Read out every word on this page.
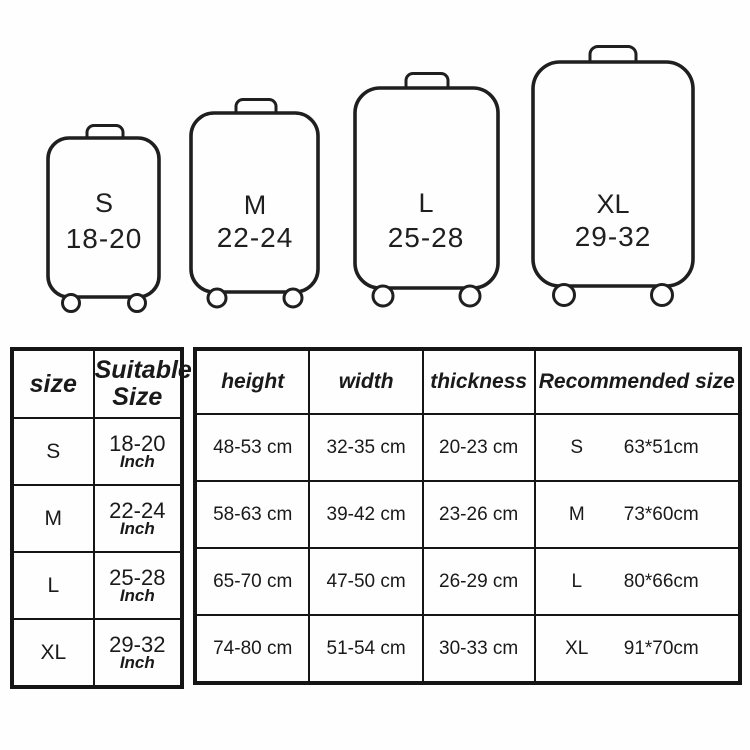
S
18-20
M
22-24
L
25-28
XL
29-32
size	Suitable Size
S	18-20
Inch

M	22-24
Inch

L	25-28
Inch

XL	29-32
Inch
height	width	thickness	Recommended size
48-53 cm	32-35 cm	20-23 cm	S 63*51cm

58-63 cm	39-42 cm	23-26 cm	M 73*60cm

65-70 cm	47-50 cm	26-29 cm	L 80*66cm

74-80 cm	51-54 cm	30-33 cm	XL 91*70cm
